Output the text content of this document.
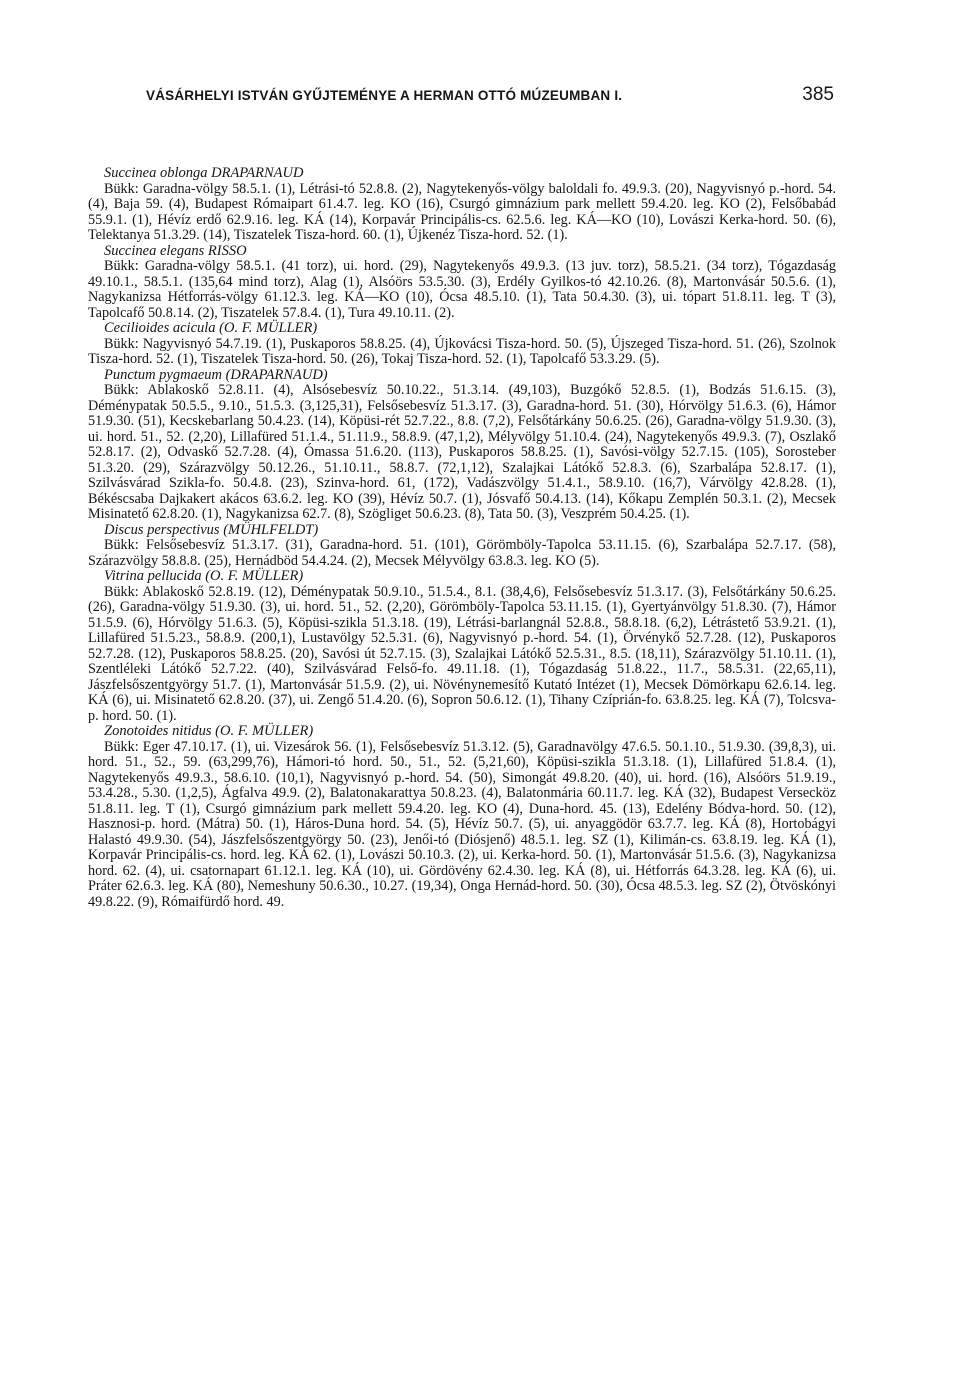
VÁSÁRHELYI ISTVÁN GYŰJTEMÉNYE A HERMAN OTTÓ MÚZEUMBAN I.	385

Succinea oblonga DRAPARNAUD

Bükk: Garadna-völgy 58.5.1. (1), Létrási-tó 52.8.8. (2), Nagytekenyős-völgy baloldali fo. 49.9.3. (20), Nagyvisnyó p.-hord. 54. (4), Baja 59. (4), Budapest Rómaipart 61.4.7. leg. KO (16), Csurgó gimnázium park mellett 59.4.20. leg. KO (2), Felsőbabád 55.9.1. (1), Hévíz erdő 62.9.16. leg. KÁ (14), Korpavár Principális-cs. 62.5.6. leg. KÁ—KO (10), Lovászi Kerka-hord. 50. (6), Telektanya 51.3.29. (14), Tiszatelek Tisza-hord. 60. (1), Újkenéz Tisza-hord. 52. (1).

Succinea elegans RISSO

Bükk: Garadna-völgy 58.5.1. (41 torz), ui. hord. (29), Nagytekenyős 49.9.3. (13 juv. torz), 58.5.21. (34 torz), Tógazdaság 49.10.1., 58.5.1. (135,64 mind torz), Alag (1), Alsóörs 53.5.30. (3), Erdély Gyilkos-tó 42.10.26. (8), Martonvásár 50.5.6. (1), Nagykanizsa Hétforrás-völgy 61.12.3. leg. KÁ—KO (10), Ócsa 48.5.10. (1), Tata 50.4.30. (3), ui. tópart 51.8.11. leg. T (3), Tapolcafő 50.8.14. (2), Tiszatelek 57.8.4. (1), Tura 49.10.11. (2).

Cecilioides acicula (O. F. MÜLLER)

Bükk: Nagyvisnyó 54.7.19. (1), Puskaporos 58.8.25. (4), Újkovácsi Tisza-hord. 50. (5), Újszeged Tisza-hord. 51. (26), Szolnok Tisza-hord. 52. (1), Tiszatelek Tisza-hord. 50. (26), Tokaj Tisza-hord. 52. (1), Tapolcafő 53.3.29. (5).

Punctum pygmaeum (DRAPARNAUD)

Bükk: Ablakoskő 52.8.11. (4), Alsósebesvíz 50.10.22., 51.3.14. (49,103), Buzgókő 52.8.5. (1), Bodzás 51.6.15. (3), Déménypatak 50.5.5., 9.10., 51.5.3. (3,125,31), Felsősebesvíz 51.3.17. (3), Garadna-hord. 51. (30), Hórvölgy 51.6.3. (6), Hámor 51.9.30. (51), Kecskebarlang 50.4.23. (14), Köpüsi-rét 52.7.22., 8.8. (7,2), Felsőtárkány 50.6.25. (26), Garadna-völgy 51.9.30. (3), ui. hord. 51., 52. (2,20), Lillafüred 51.1.4., 51.11.9., 58.8.9. (47,1,2), Mélyvölgy 51.10.4. (24), Nagytekenyős 49.9.3. (7), Oszlakő 52.8.17. (2), Odvaskő 52.7.28. (4), Ómassa 51.6.20. (113), Puskaporos 58.8.25. (1), Savósi-völgy 52.7.15. (105), Sorosteber 51.3.20. (29), Szárazvölgy 50.12.26., 51.10.11., 58.8.7. (72,1,12), Szalajkai Látókő 52.8.3. (6), Szarbalápa 52.8.17. (1), Szilvásvárad Szikla-fo. 50.4.8. (23), Szinva-hord. 61, (172), Vadászvölgy 51.4.1., 58.9.10. (16,7), Várvölgy 42.8.28. (1), Békéscsaba Dajkakert akácos 63.6.2. leg. KO (39), Hévíz 50.7. (1), Jósvafő 50.4.13. (14), Kőkapu Zemplén 50.3.1. (2), Mecsek Misinatető 62.8.20. (1), Nagykanizsa 62.7. (8), Szögliget 50.6.23. (8), Tata 50. (3), Veszprém 50.4.25. (1).

Discus perspectivus (MÜHLFELDT)

Bükk: Felsősebesvíz 51.3.17. (31), Garadna-hord. 51. (101), Görömböly-Tapolca 53.11.15. (6), Szarbalápa 52.7.17. (58), Szárazvölgy 58.8.8. (25), Hernádböd 54.4.24. (2), Mecsek Mélyvölgy 63.8.3. leg. KO (5).

Vitrina pellucida (O. F. MÜLLER)

Bükk: Ablakoskő 52.8.19. (12), Déménypatak 50.9.10., 51.5.4., 8.1. (38,4,6), Felsősebesvíz 51.3.17. (3), Felsőtárkány 50.6.25. (26), Garadna-völgy 51.9.30. (3), ui. hord. 51., 52. (2,20), Görömböly-Tapolca 53.11.15. (1), Gyertyánvölgy 51.8.30. (7), Hámor 51.5.9. (6), Hórvölgy 51.6.3. (5), Köpüsi-szikla 51.3.18. (19), Létrási-barlangnál 52.8.8., 58.8.18. (6,2), Létrástető 53.9.21. (1), Lillafüred 51.5.23., 58.8.9. (200,1), Lustavölgy 52.5.31. (6), Nagyvisnyó p.-hord. 54. (1), Örvénykő 52.7.28. (12), Puskaporos 52.7.28. (12), Puskaporos 58.8.25. (20), Savósi út 52.7.15. (3), Szalajkai Látókő 52.5.31., 8.5. (18,11), Szárazvölgy 51.10.11. (1), Szentléleki Látókő 52.7.22. (40), Szilvásvárad Felső-fo. 49.11.18. (1), Tógazdaság 51.8.22., 11.7., 58.5.31. (22,65,11), Jászfelsőszentgyörgy 51.7. (1), Martonvásár 51.5.9. (2), ui. Növénynemesítő Kutató Intézet (1), Mecsek Dömörkapu 62.6.14. leg. KÁ (6), ui. Misinatető 62.8.20. (37), ui. Zengő 51.4.20. (6), Sopron 50.6.12. (1), Tihany Czíprián-fo. 63.8.25. leg. KÁ (7), Tolcsva-p. hord. 50. (1).

Zonotoides nitidus (O. F. MÜLLER)

Bükk: Eger 47.10.17. (1), ui. Vizesárok 56. (1), Felsősebesvíz 51.3.12. (5), Garadnavölgy 47.6.5. 50.1.10., 51.9.30. (39,8,3), ui. hord. 51., 52., 59. (63,299,76), Hámori-tó hord. 50., 51., 52. (5,21,60), Köpüsi-szikla 51.3.18. (1), Lillafüred 51.8.4. (1), Nagytekenyős 49.9.3., 58.6.10. (10,1), Nagyvisnyó p.-hord. 54. (50), Simongát 49.8.20. (40), ui. hord. (16), Alsóörs 51.9.19., 53.4.28., 5.30. (1,2,5), Ágfalva 49.9. (2), Balatonakarattya 50.8.23. (4), Balatonmária 60.11.7. leg. KÁ (32), Budapest Versecköz 51.8.11. leg. T (1), Csurgó gimnázium park mellett 59.4.20. leg. KO (4), Duna-hord. 45. (13), Edelény Bódva-hord. 50. (12), Hasznosi-p. hord. (Mátra) 50. (1), Háros-Duna hord. 54. (5), Hévíz 50.7. (5), ui. anyaggödör 63.7.7. leg. KÁ (8), Hortobágyi Halastó 49.9.30. (54), Jászfelsőszentgyörgy 50. (23), Jenői-tó (Diósjenő) 48.5.1. leg. SZ (1), Kilimán-cs. 63.8.19. leg. KÁ (1), Korpavár Principális-cs. hord. leg. KÁ 62. (1), Lovászi 50.10.3. (2), ui. Kerka-hord. 50. (1), Martonvásár 51.5.6. (3), Nagykanizsa hord. 62. (4), ui. csatornapart 61.12.1. leg. KÁ (10), ui. Gördövény 62.4.30. leg. KÁ (8), ui. Hétforrás 64.3.28. leg. KÁ (6), ui. Práter 62.6.3. leg. KÁ (80), Nemeshuny 50.6.30., 10.27. (19,34), Onga Hernád-hord. 50. (30), Ócsa 48.5.3. leg. SZ (2), Ötvöskónyi 49.8.22. (9), Rómaifürdő hord. 49.
